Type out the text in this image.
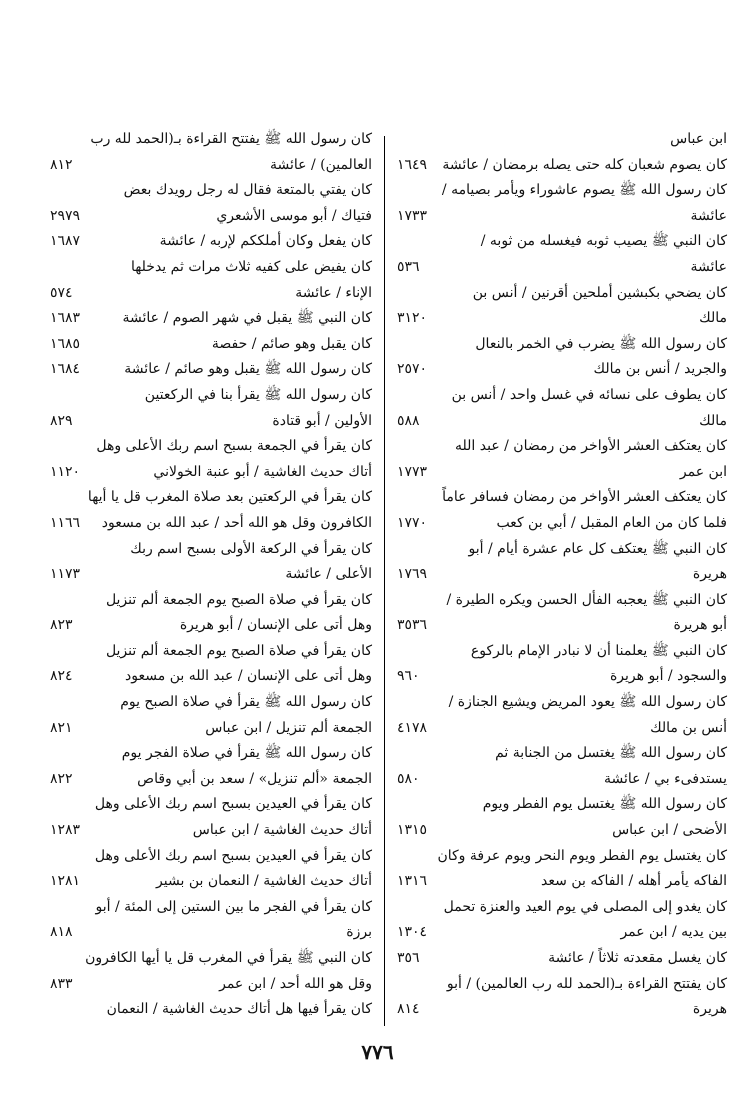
ابن عباس
كان يصوم شعبان كله حتى يصله برمضان / عائشة
١٦٤٩
كان رسول الله ﷺ يصوم عاشوراء ويأمر بصيامه /
عائشة
١٧٣٣
كان النبي ﷺ يصيب ثوبه فيغسله من ثوبه /
عائشة
٥٣٦
كان يضحي بكبشين أملحين أقرنين / أنس بن
مالك
٣١٢٠
كان رسول الله ﷺ يضرب في الخمر بالنعال
والجريد / أنس بن مالك
٢٥٧٠
كان يطوف على نسائه في غسل واحد / أنس بن
مالك
٥٨٨
كان يعتكف العشر الأواخر من رمضان / عبد الله
ابن عمر
١٧٧٣
كان يعتكف العشر الأواخر من رمضان فسافر عاماً
فلما كان من العام المقبل / أبي بن كعب
١٧٧٠
كان النبي ﷺ يعتكف كل عام عشرة أيام / أبو
هريرة
١٧٦٩
كان النبي ﷺ يعجبه الفأل الحسن ويكره الطيرة /
أبو هريرة
٣٥٣٦
كان النبي ﷺ يعلمنا أن لا نبادر الإمام بالركوع
والسجود / أبو هريرة
٩٦٠
كان رسول الله ﷺ يعود المريض ويشيع الجنازة /
أنس بن مالك
٤١٧٨
كان رسول الله ﷺ يغتسل من الجنابة ثم
يستدفىء بي / عائشة
٥٨٠
كان رسول الله ﷺ يغتسل يوم الفطر ويوم
الأضحى / ابن عباس
١٣١٥
كان يغتسل يوم الفطر ويوم النحر ويوم عرفة وكان
الفاكه يأمر أهله / الفاكه بن سعد
١٣١٦
كان يغدو إلى المصلى في يوم العيد والعنزة تحمل
بين يديه / ابن عمر
١٣٠٤
كان يغسل مقعدته ثلاثاً / عائشة
٣٥٦
كان يفتتح القراءة بـ(الحمد لله رب العالمين) / أبو
هريرة
٨١٤
كان رسول الله ﷺ يفتتح القراءة بـ(الحمد لله رب
العالمين) / عائشة
٨١٢
كان يفتي بالمتعة فقال له رجل رويدك بعض
فتياك / أبو موسى الأشعري
٢٩٧٩
كان يفعل وكان أملككم لإربه / عائشة
١٦٨٧
كان يفيض على كفيه ثلاث مرات ثم يدخلها
الإناء / عائشة
٥٧٤
كان النبي ﷺ يقبل في شهر الصوم / عائشة
١٦٨٣
كان يقبل وهو صائم / حفصة
١٦٨٥
كان رسول الله ﷺ يقبل وهو صائم / عائشة
١٦٨٤
كان رسول الله ﷺ يقرأ بنا في الركعتين
الأولين / أبو قتادة
٨٢٩
كان يقرأ في الجمعة بسبح اسم ربك الأعلى وهل
أتاك حديث الغاشية / أبو عنبة الخولاني
١١٢٠
كان يقرأ في الركعتين بعد صلاة المغرب قل يا أيها
الكافرون وقل هو الله أحد / عبد الله بن مسعود
١١٦٦
كان يقرأ في الركعة الأولى بسبح اسم ربك
الأعلى / عائشة
١١٧٣
كان يقرأ في صلاة الصبح يوم الجمعة ألم تنزيل
وهل أتى على الإنسان / أبو هريرة
٨٢٣
كان يقرأ في صلاة الصبح يوم الجمعة ألم تنزيل
وهل أتى على الإنسان / عبد الله بن مسعود
٨٢٤
كان رسول الله ﷺ يقرأ في صلاة الصبح يوم
الجمعة ألم تنزيل / ابن عباس
٨٢١
كان رسول الله ﷺ يقرأ في صلاة الفجر يوم
الجمعة «ألم تنزيل» / سعد بن أبي وقاص
٨٢٢
كان يقرأ في العيدين بسبح اسم ربك الأعلى وهل
أتاك حديث الغاشية / ابن عباس
١٢٨٣
كان يقرأ في العيدين بسبح اسم ربك الأعلى وهل
أتاك حديث الغاشية / النعمان بن بشير
١٢٨١
كان يقرأ في الفجر ما بين الستين إلى المئة / أبو
برزة
٨١٨
كان النبي ﷺ يقرأ في المغرب قل يا أيها الكافرون
وقل هو الله أحد / ابن عمر
٨٣٣
كان يقرأ فيها هل أتاك حديث الغاشية / النعمان
٧٧٦
